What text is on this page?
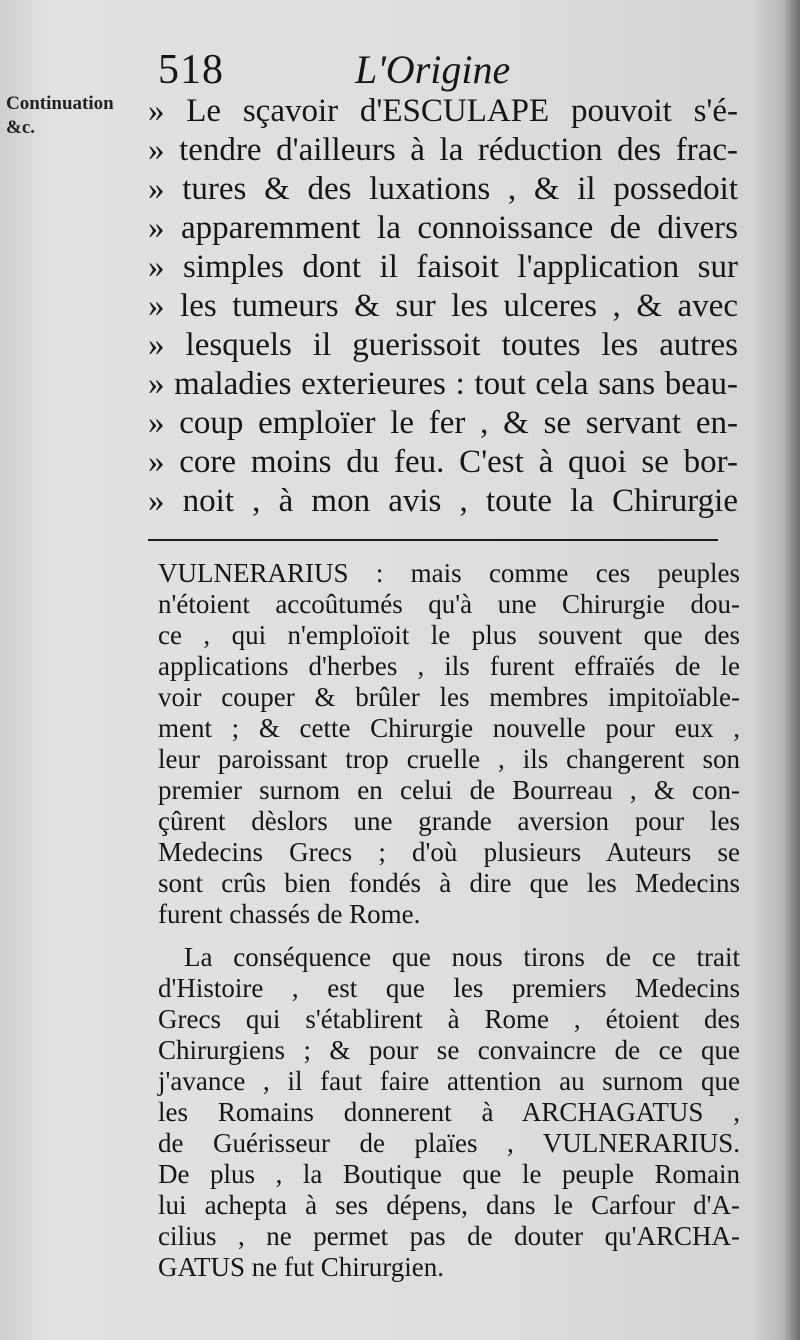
518	L'Origine
Continuation
&c.	» Le sçavoir d'ESCULAPE pouvoit s'é-
» tendre d'ailleurs à la réduction des frac-
» tures & des luxations , & il possedoit
» apparemment la connoissance de divers
» simples dont il faisoit l'application sur
» les tumeurs & sur les ulceres , & avec
» lesquels il guerissoit toutes les autres
» maladies exterieures : tout cela sans beau-
» coup emploïer le fer , & se servant en-
» core moins du feu. C'est à quoi se bor-
» noit , à mon avis , toute la Chirurgie
VULNERARIUS : mais comme ces peuples
n'étoient accoûtumés qu'à une Chirurgie dou-
ce , qui n'emploïoit le plus souvent que des
applications d'herbes , ils furent effraïés de le
voir couper & brûler les membres impitoïable-
ment ; & cette Chirurgie nouvelle pour eux ,
leur paroissant trop cruelle , ils changerent son
premier surnom en celui de Bourreau , & con-
çûrent dèslors une grande aversion pour les
Medecins Grecs ; d'où plusieurs Auteurs se
sont crûs bien fondés à dire que les Medecins
furent chassés de Rome.
La conséquence que nous tirons de ce trait
d'Histoire , est que les premiers Medecins
Grecs qui s'établirent à Rome , étoient des
Chirurgiens ; & pour se convaincre de ce que
j'avance , il faut faire attention au surnom que
les Romains donnerent à ARCHAGATUS ,
de Guérisseur de plaïes , VULNERARIUS.
De plus , la Boutique que le peuple Romain
lui achepta à ses dépens, dans le Carfour d'A-
cilius , ne permet pas de douter qu'ARCHA-
GATUS ne fut Chirurgien.
